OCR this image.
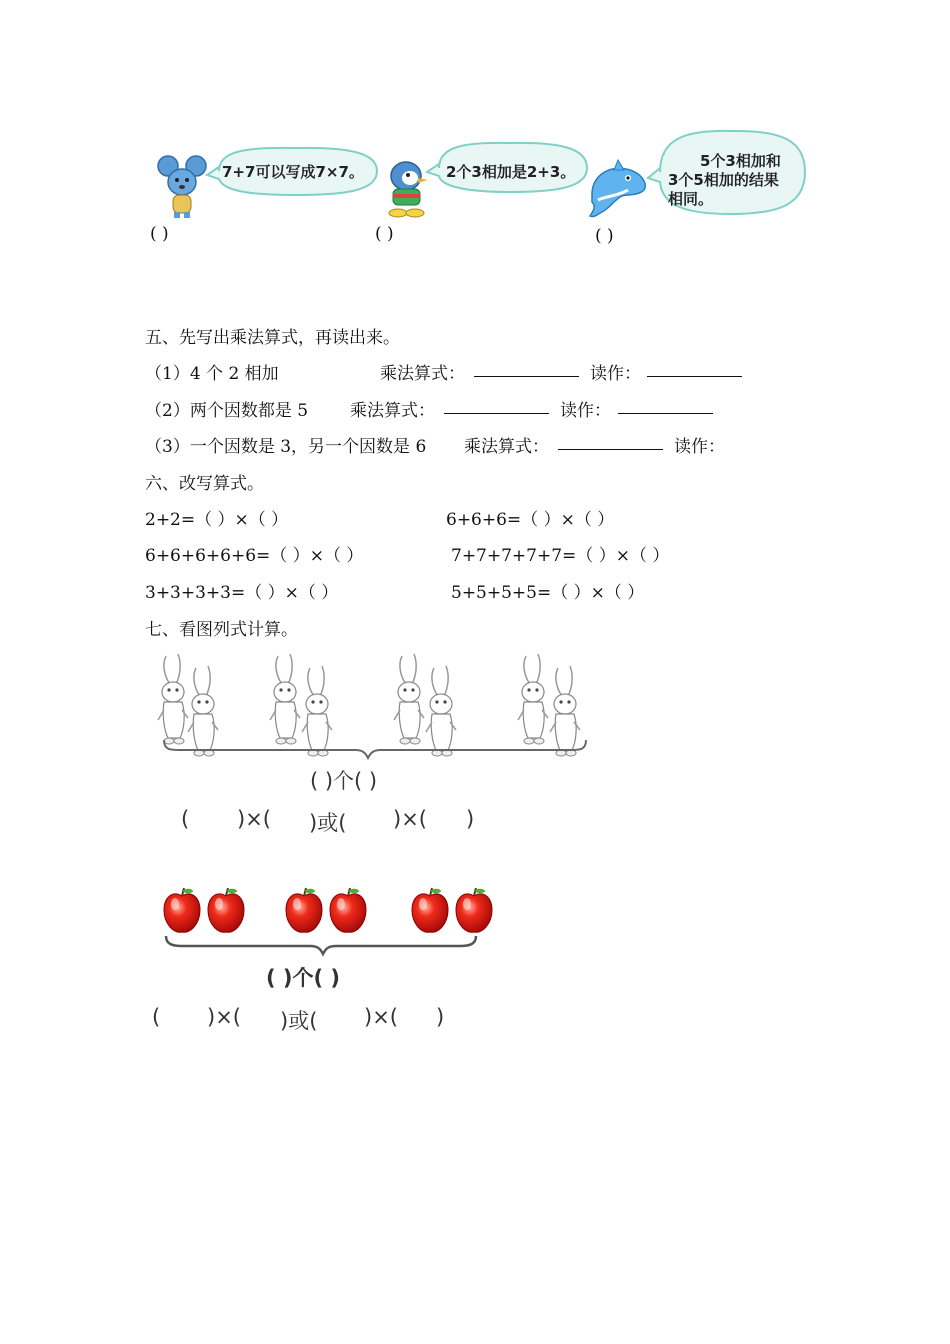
7+7可以写成7×7。
( )
2个3相加是2+3。
( )
5个3相加和
3个5相加的结果
相同。
( )
五、先写出乘法算式，再读出来。
（1）4 个 2 相加	乘法算式：	读作：
（2）两个因数都是 5 乘法算式：	读作：
（3）一个因数是 3，另一个因数是 6 乘法算式：	读作：
六、改写算式。
2+2=（ ）×（ ）	6+6+6=（ ）×（ ）
6+6+6+6+6=（ ）×（ ）	7+7+7+7+7=（ ）×（ ）
3+3+3+3=（ ）×（ ）	5+5+5+5=（ ）×（ ）
七、看图列式计算。
( )个( )
( )×( )或( )×( )
( )个( )
( )×( )或( )×( )
